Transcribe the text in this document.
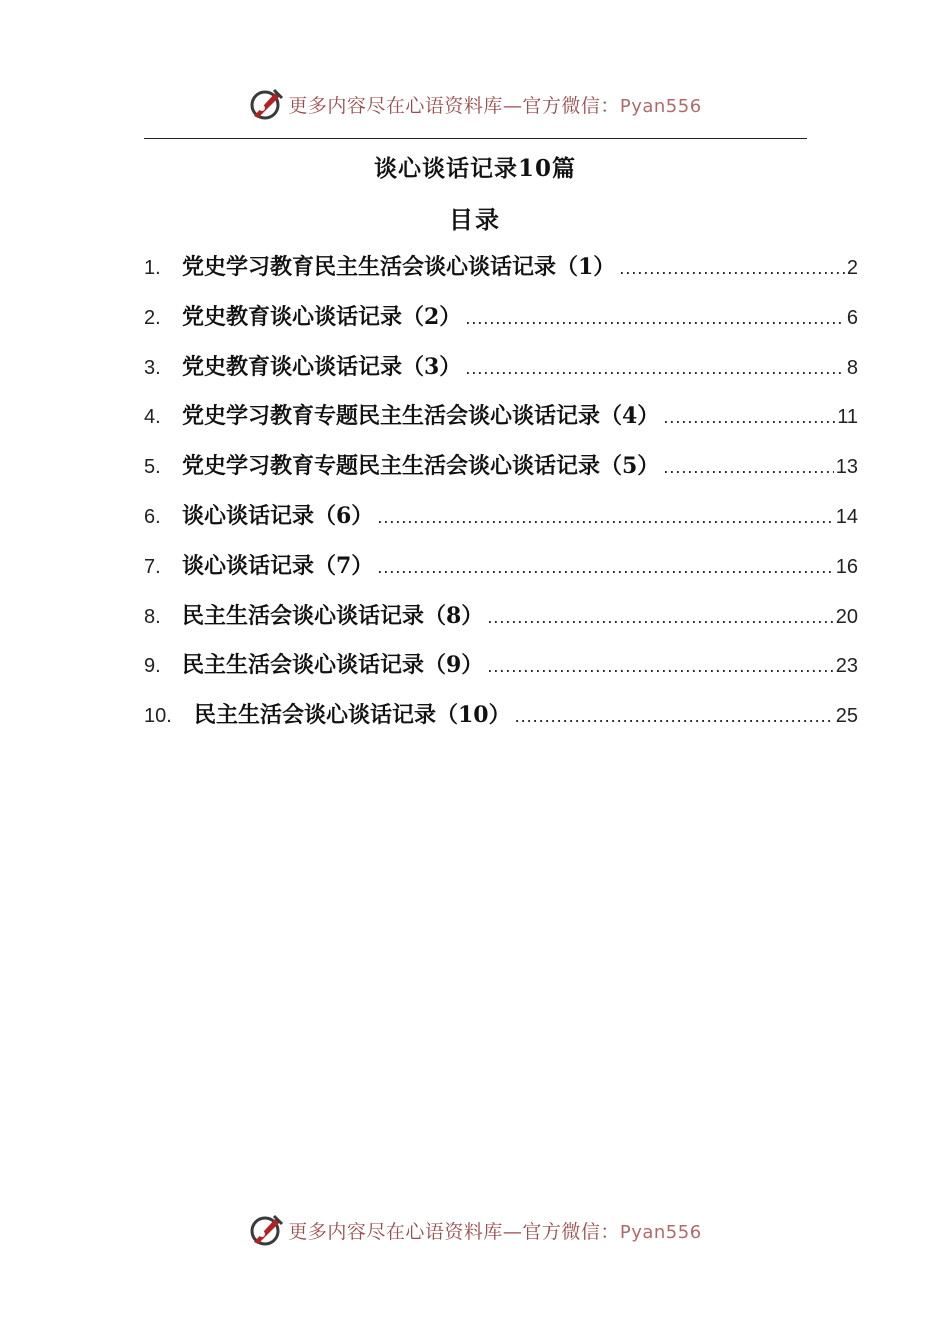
更多内容尽在心语资料库—官方微信：Pyan556
谈心谈话记录10篇
目录
1. 党史学习教育民主生活会谈心谈话记录（1） .....	2
2. 党史教育谈心谈话记录（2） .....	6
3. 党史教育谈心谈话记录（3） .....	8
4. 党史学习教育专题民主生活会谈心谈话记录（4） .....	11
5. 党史学习教育专题民主生活会谈心谈话记录（5） .....	13
6. 谈心谈话记录（6） .....	14
7. 谈心谈话记录（7） .....	16
8. 民主生活会谈心谈话记录（8） .....	20
9. 民主生活会谈心谈话记录（9） .....	23
10.	民主生活会谈心谈话记录（10） .....	25
更多内容尽在心语资料库—官方微信：Pyan556
